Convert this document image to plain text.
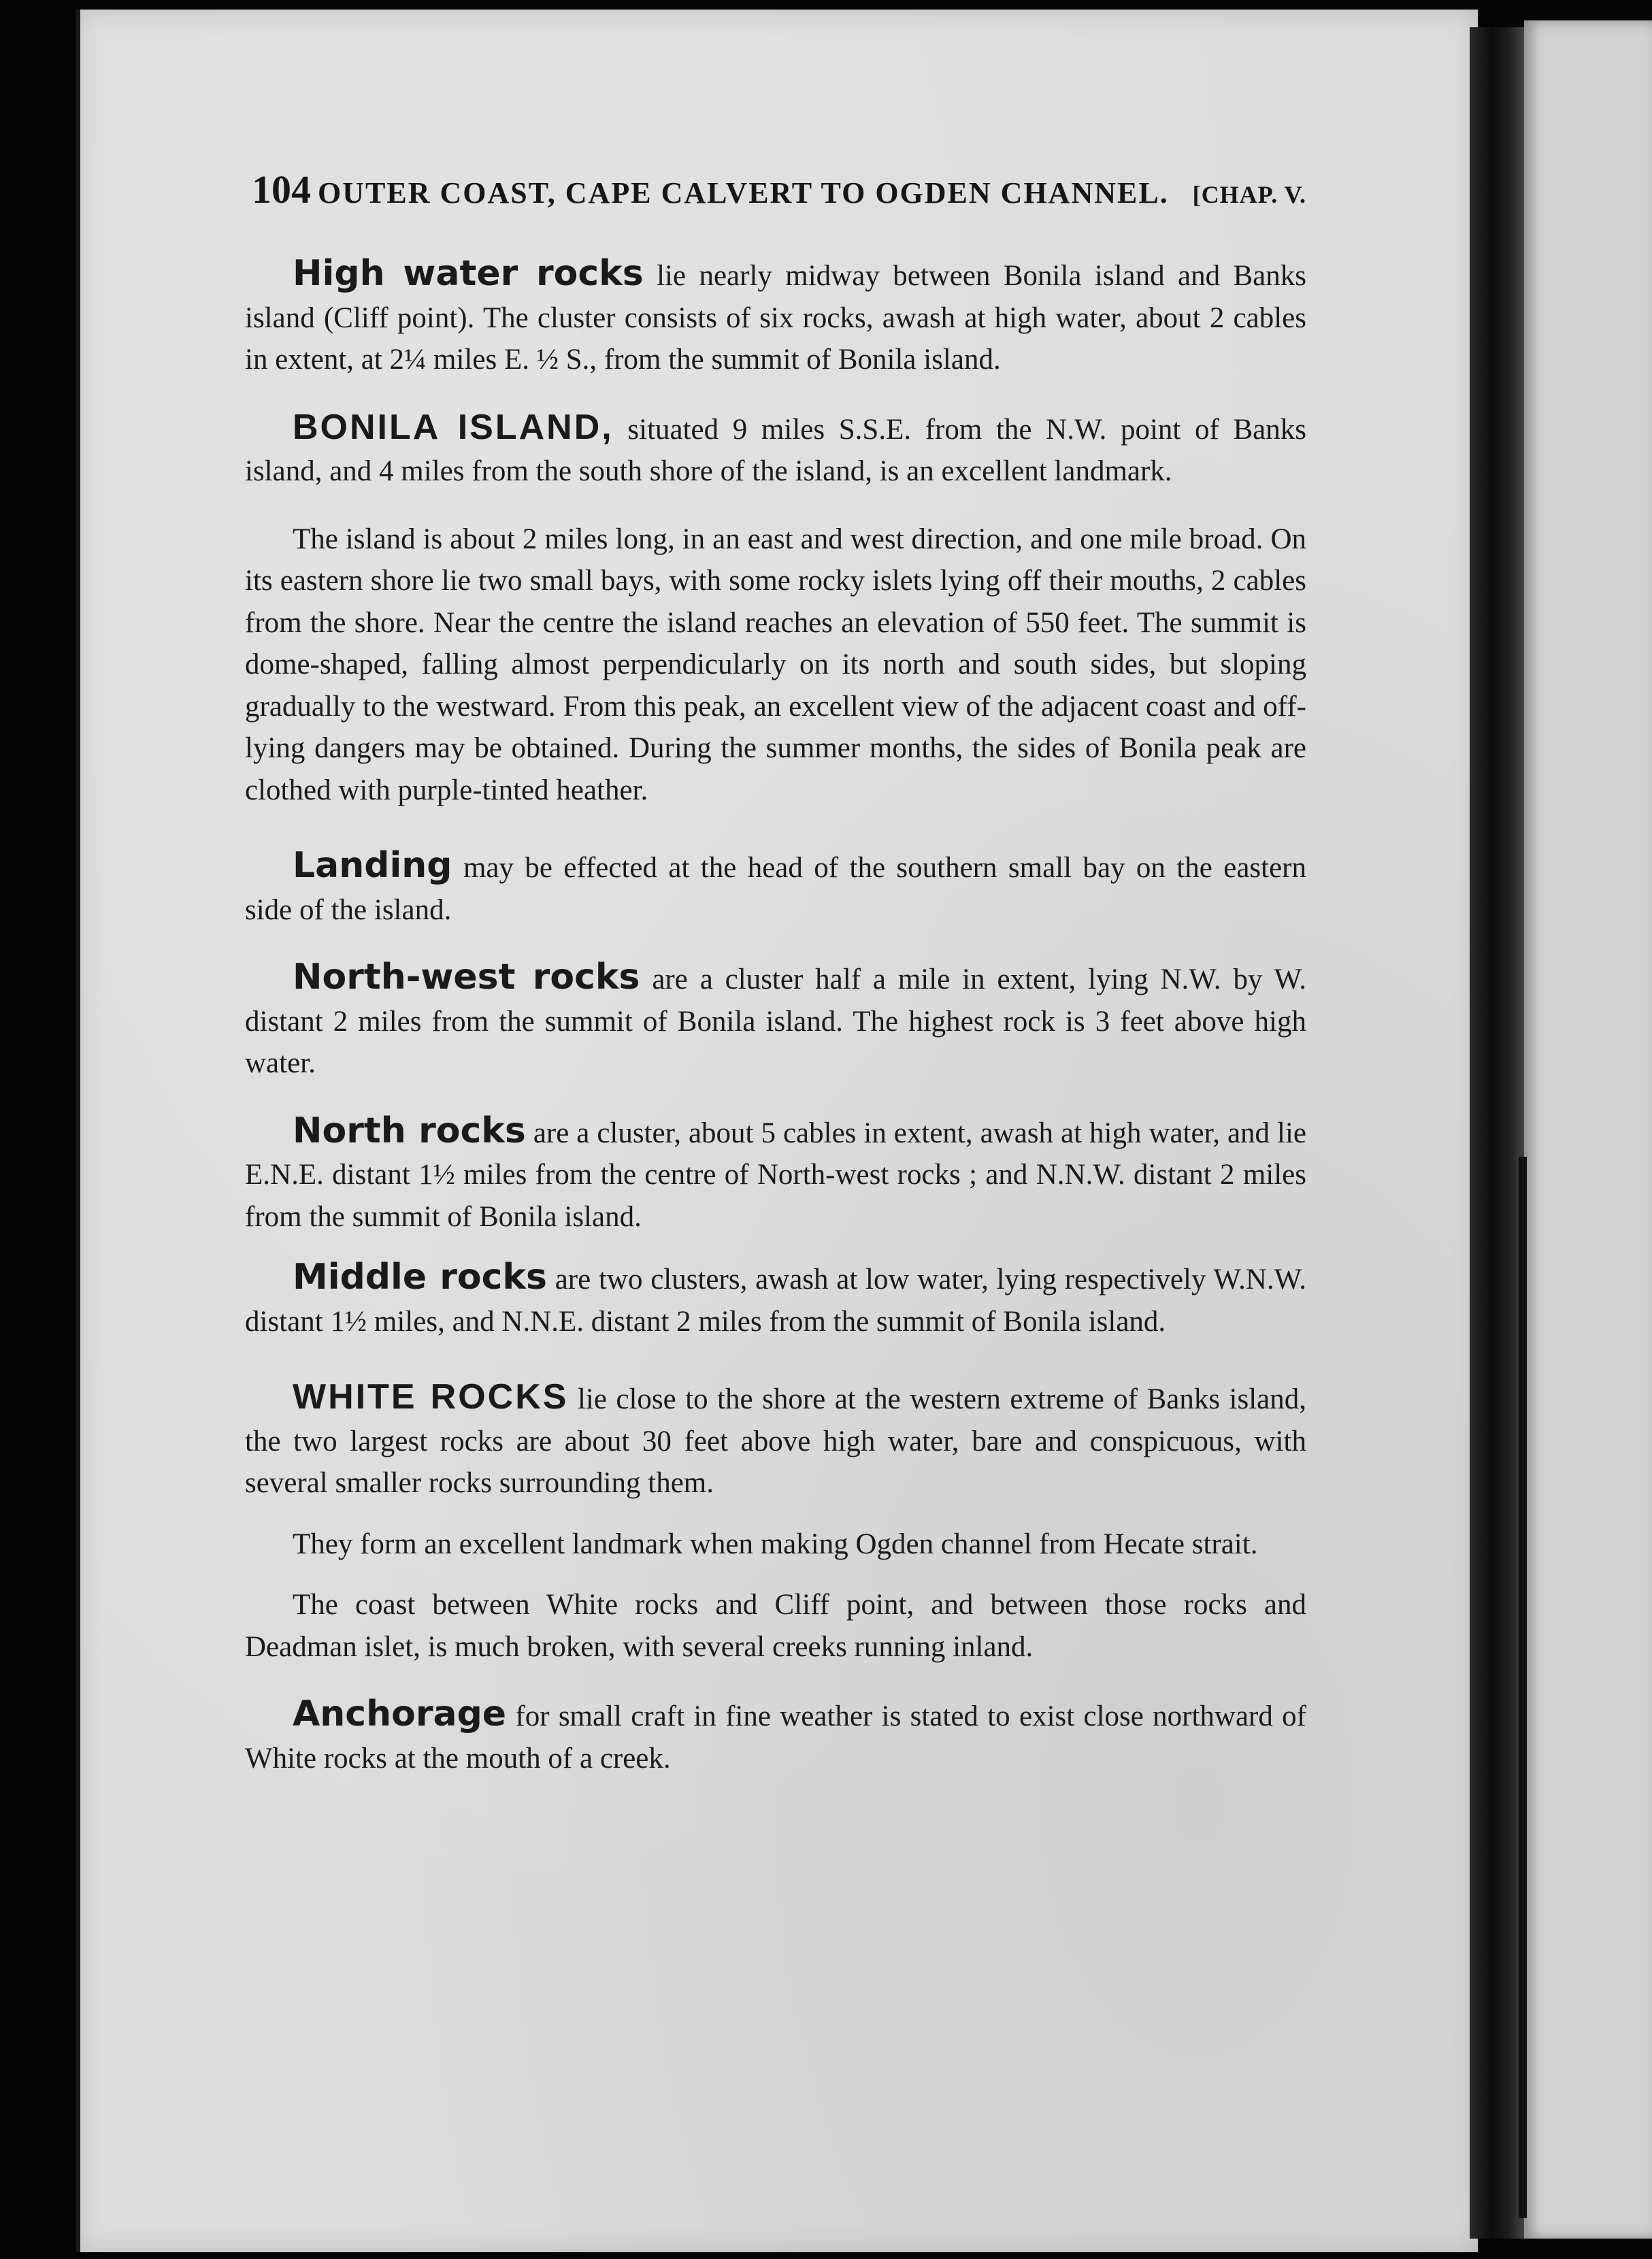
104 OUTER COAST, CAPE CALVERT TO OGDEN CHANNEL. [CHAP. V.

High water rocks lie nearly midway between Bonila island and Banks island (Cliff point). The cluster consists of six rocks, awash at high water, about 2 cables in extent, at 2¼ miles E. ½ S., from the summit of Bonila island.

BONILA ISLAND, situated 9 miles S.S.E. from the N.W. point of Banks island, and 4 miles from the south shore of the island, is an excellent landmark.

The island is about 2 miles long, in an east and west direction, and one mile broad. On its eastern shore lie two small bays, with some rocky islets lying off their mouths, 2 cables from the shore. Near the centre the island reaches an elevation of 550 feet. The summit is dome-shaped, falling almost perpendicularly on its north and south sides, but sloping gradually to the westward. From this peak, an excellent view of the adjacent coast and off-lying dangers may be obtained. During the summer months, the sides of Bonila peak are clothed with purple-tinted heather.

Landing may be effected at the head of the southern small bay on the eastern side of the island.

North-west rocks are a cluster half a mile in extent, lying N.W. by W. distant 2 miles from the summit of Bonila island. The highest rock is 3 feet above high water.

North rocks are a cluster, about 5 cables in extent, awash at high water, and lie E.N.E. distant 1½ miles from the centre of North-west rocks ; and N.N.W. distant 2 miles from the summit of Bonila island.

Middle rocks are two clusters, awash at low water, lying respectively W.N.W. distant 1½ miles, and N.N.E. distant 2 miles from the summit of Bonila island.

WHITE ROCKS lie close to the shore at the western extreme of Banks island, the two largest rocks are about 30 feet above high water, bare and conspicuous, with several smaller rocks surrounding them.

They form an excellent landmark when making Ogden channel from Hecate strait.

The coast between White rocks and Cliff point, and between those rocks and Deadman islet, is much broken, with several creeks running inland.

Anchorage for small craft in fine weather is stated to exist close northward of White rocks at the mouth of a creek.
